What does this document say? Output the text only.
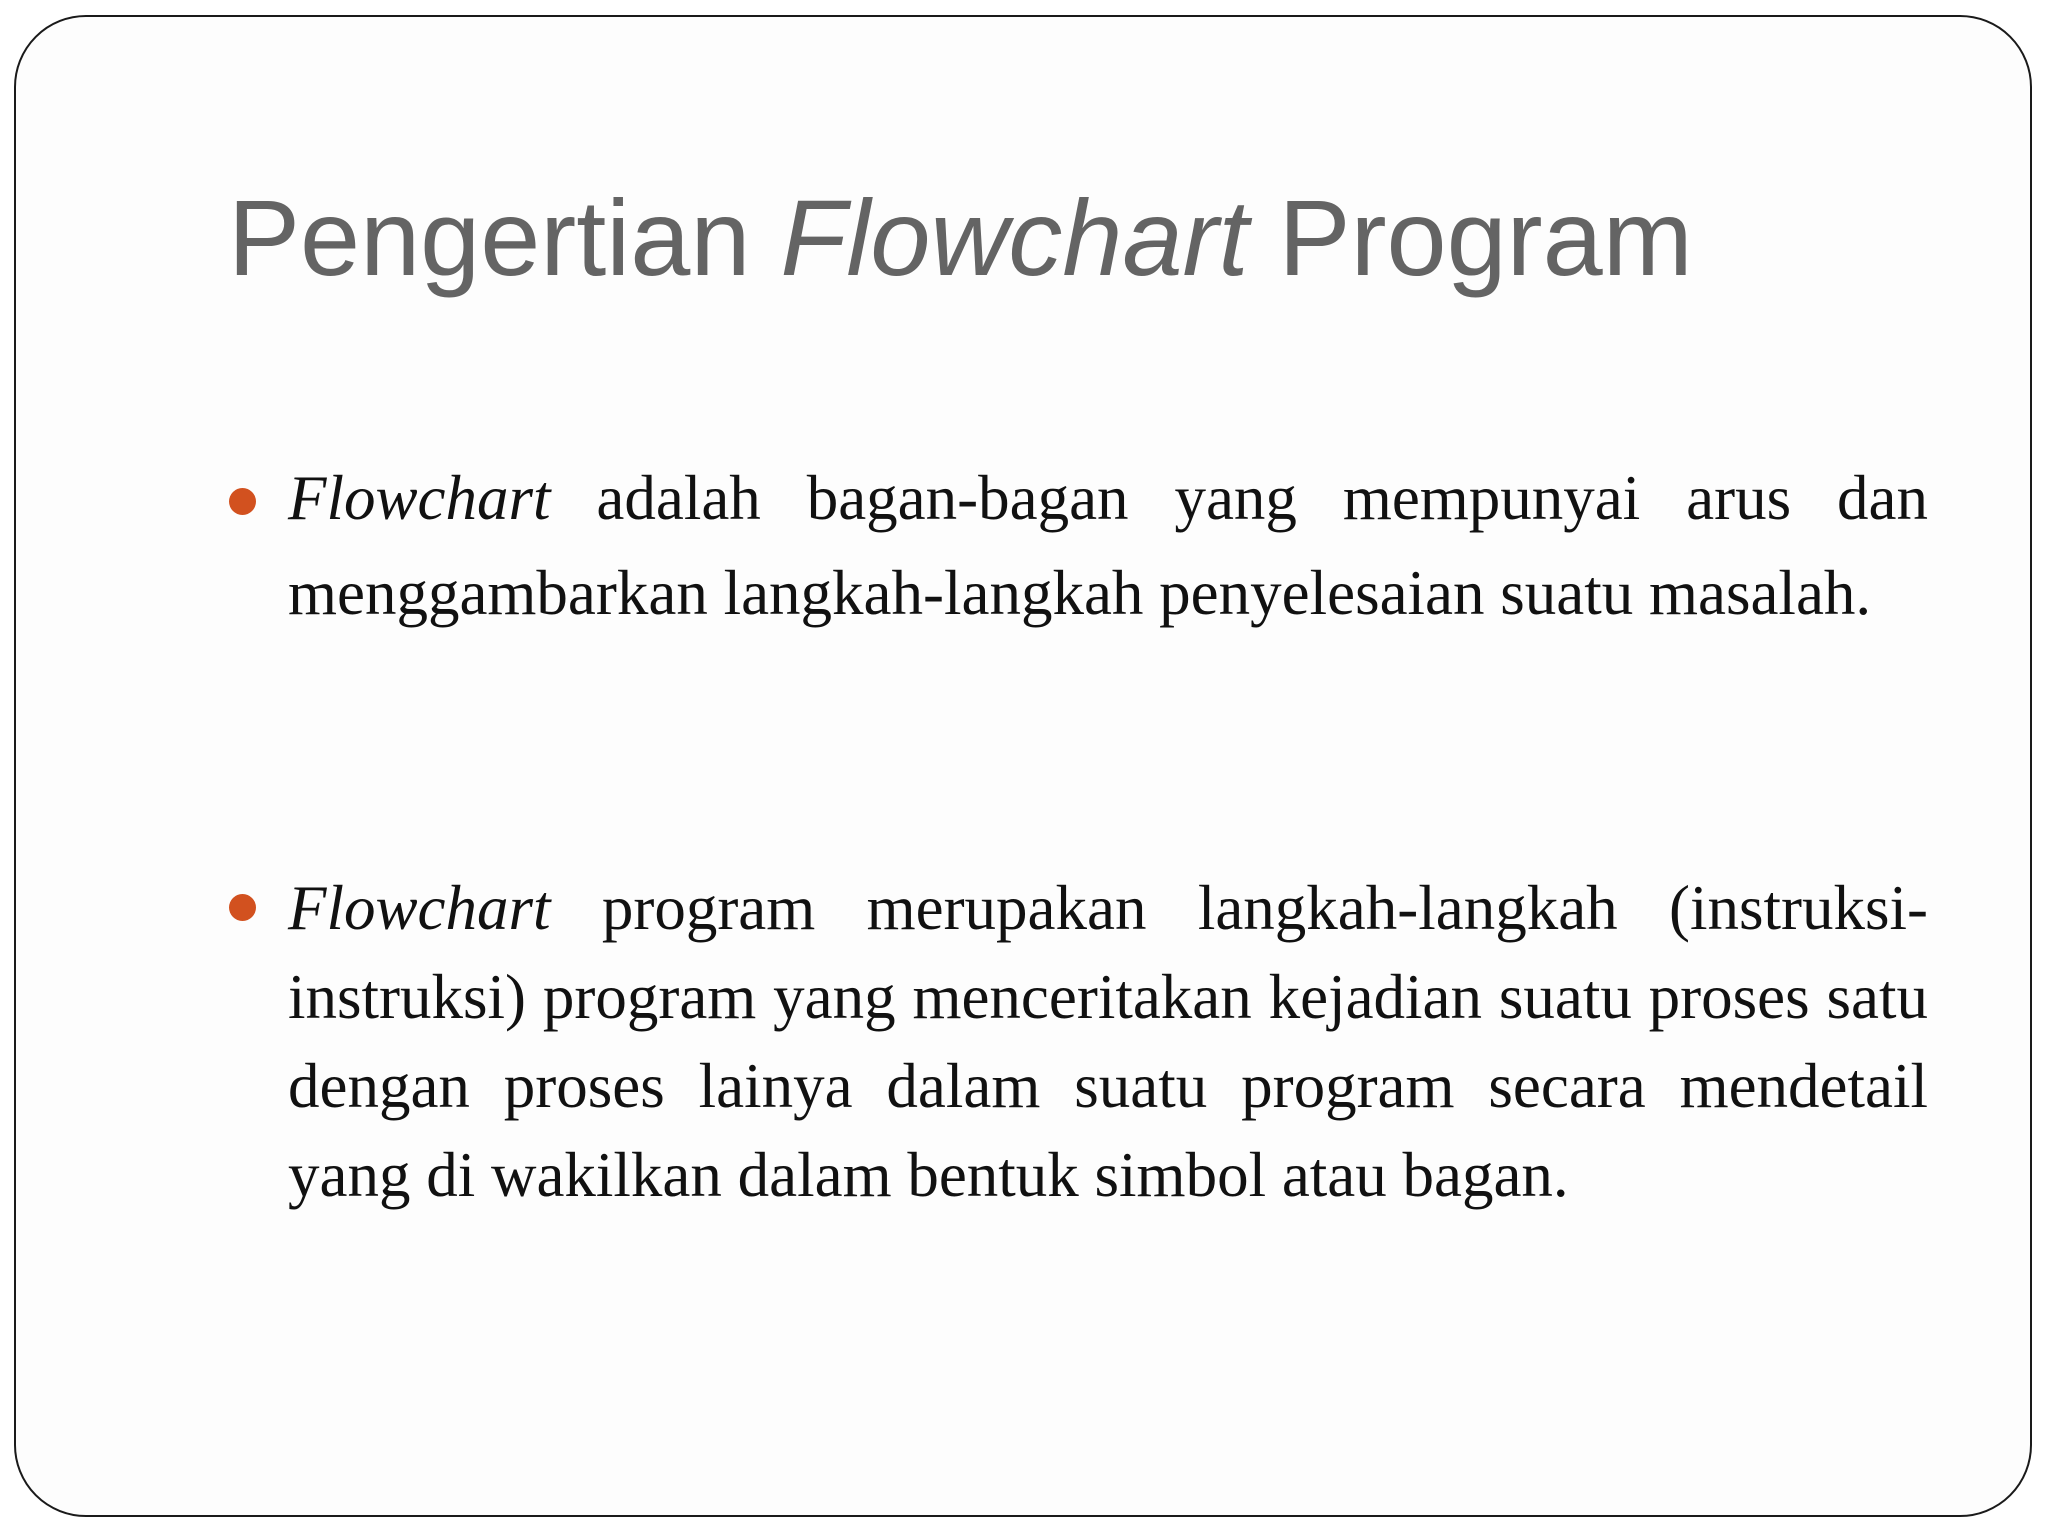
Pengertian Flowchart Program

Flowchart adalah bagan-bagan yang mempunyai arus dan menggambarkan langkah-langkah penyelesaian suatu masalah.

Flowchart program merupakan langkah-langkah (instruksi-instruksi) program yang menceritakan kejadian suatu proses satu dengan proses lainya dalam suatu program secara mendetail yang di wakilkan dalam bentuk simbol atau bagan.
